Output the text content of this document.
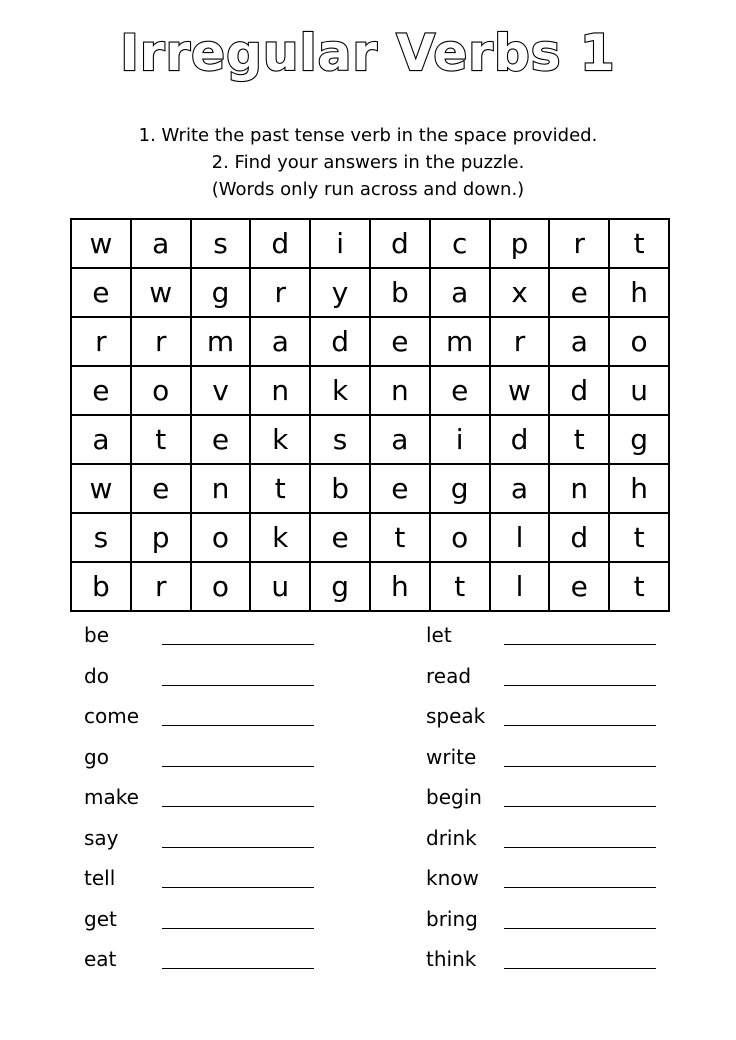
Irregular Verbs 1
1. Write the past tense verb in the space provided.
2. Find your answers in the puzzle.
(Words only run across and down.)
w	a	s	d	i	d	c	p	r	t
e	w	g	r	y	b	a	x	e	h
r	r	m	a	d	e	m	r	a	o
e	o	v	n	k	n	e	w	d	u
a	t	e	k	s	a	i	d	t	g
w	e	n	t	b	e	g	a	n	h
s	p	o	k	e	t	o	l	d	t
b	r	o	u	g	h	t	l	e	t
be
do
come
go
make
say
tell
get
eat
let
read
speak
write
begin
drink
know
bring
think
